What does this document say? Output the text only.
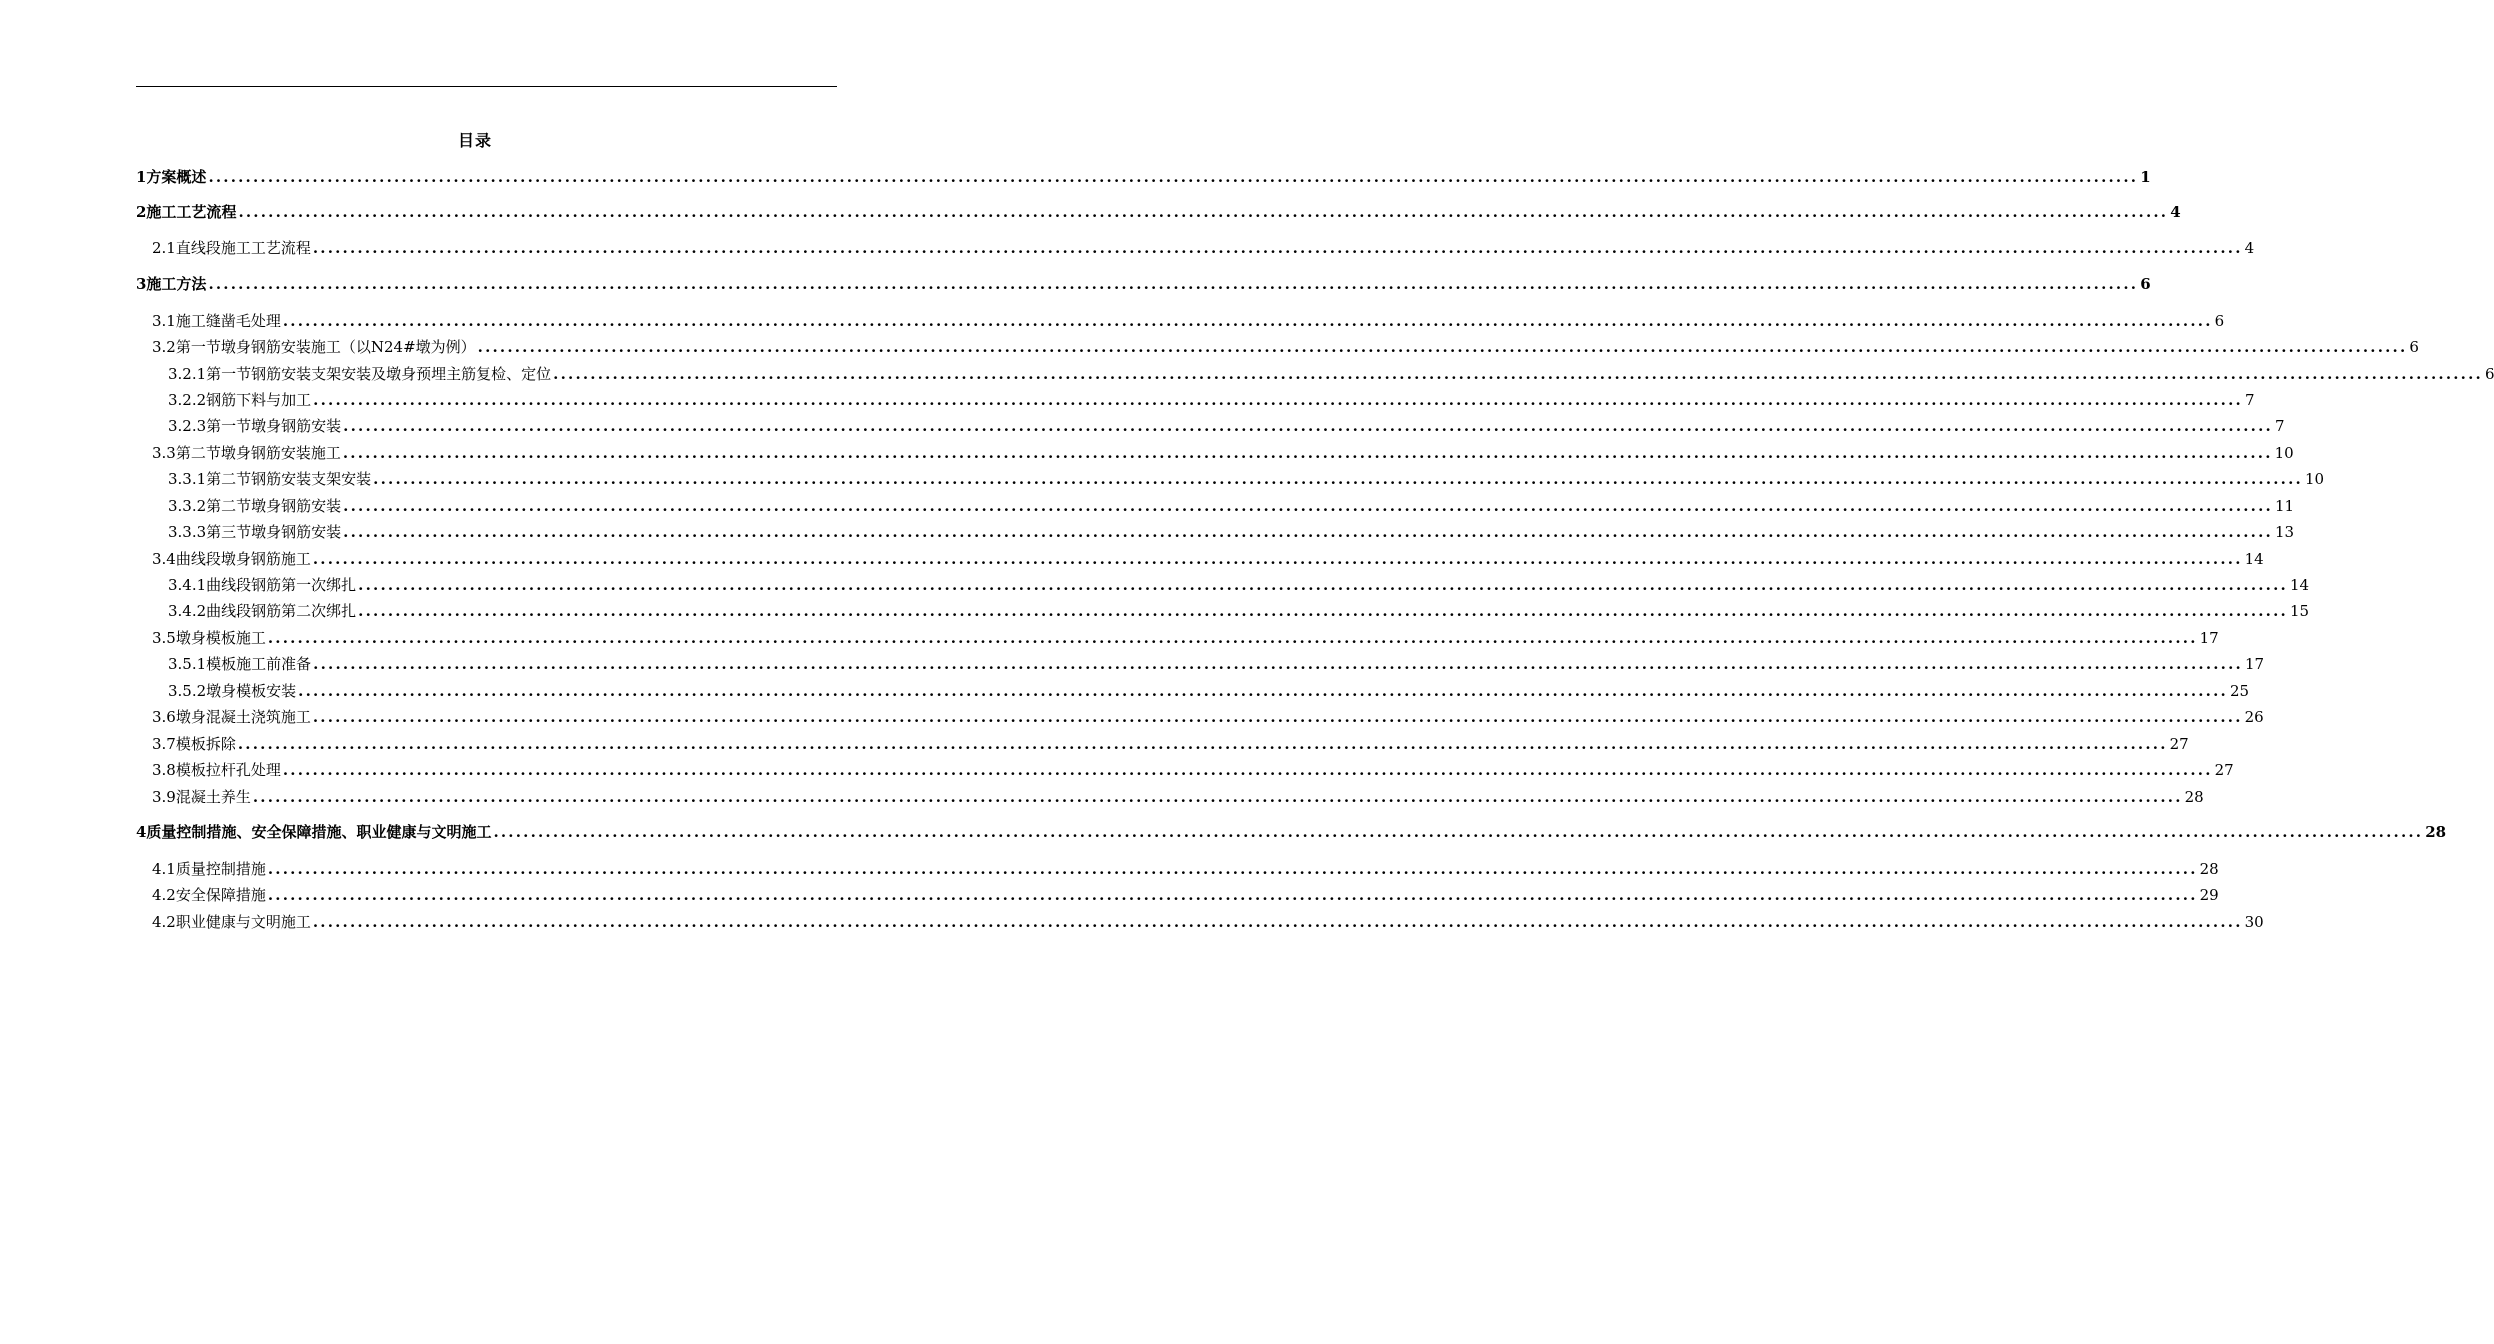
目录
1方案概述 .................................................................................................................................................................................................................................................................... 1
2施工工艺流程 .................................................................................................................................................................................................................................................................... 4
2.1直线段施工工艺流程 .................................................................................................................................................................................................................................................................... 4
3施工方法 .................................................................................................................................................................................................................................................................... 6
3.1施工缝凿毛处理 .................................................................................................................................................................................................................................................................... 6
3.2第一节墩身钢筋安装施工（以N24#墩为例） .................................................................................................................................................................................................................................................................... 6
3.2.1第一节钢筋安装支架安装及墩身预埋主筋复检、定位 .................................................................................................................................................................................................................................................................... 6
3.2.2钢筋下料与加工 .................................................................................................................................................................................................................................................................... 7
3.2.3第一节墩身钢筋安装 .................................................................................................................................................................................................................................................................... 7
3.3第二节墩身钢筋安装施工 .................................................................................................................................................................................................................................................................... 10
3.3.1第二节钢筋安装支架安装 .................................................................................................................................................................................................................................................................... 10
3.3.2第二节墩身钢筋安装 .................................................................................................................................................................................................................................................................... 11
3.3.3第三节墩身钢筋安装 .................................................................................................................................................................................................................................................................... 13
3.4曲线段墩身钢筋施工 .................................................................................................................................................................................................................................................................... 14
3.4.1曲线段钢筋第一次绑扎 .................................................................................................................................................................................................................................................................... 14
3.4.2曲线段钢筋第二次绑扎 .................................................................................................................................................................................................................................................................... 15
3.5墩身模板施工 .................................................................................................................................................................................................................................................................... 17
3.5.1模板施工前准备 .................................................................................................................................................................................................................................................................... 17
3.5.2墩身模板安装 .................................................................................................................................................................................................................................................................... 25
3.6墩身混凝土浇筑施工 .................................................................................................................................................................................................................................................................... 26
3.7模板拆除 .................................................................................................................................................................................................................................................................... 27
3.8模板拉杆孔处理 .................................................................................................................................................................................................................................................................... 27
3.9混凝土养生 .................................................................................................................................................................................................................................................................... 28
4质量控制措施、安全保障措施、职业健康与文明施工 .................................................................................................................................................................................................................................................................... 28
4.1质量控制措施 .................................................................................................................................................................................................................................................................... 28
4.2安全保障措施 .................................................................................................................................................................................................................................................................... 29
4.2职业健康与文明施工 .................................................................................................................................................................................................................................................................... 30
